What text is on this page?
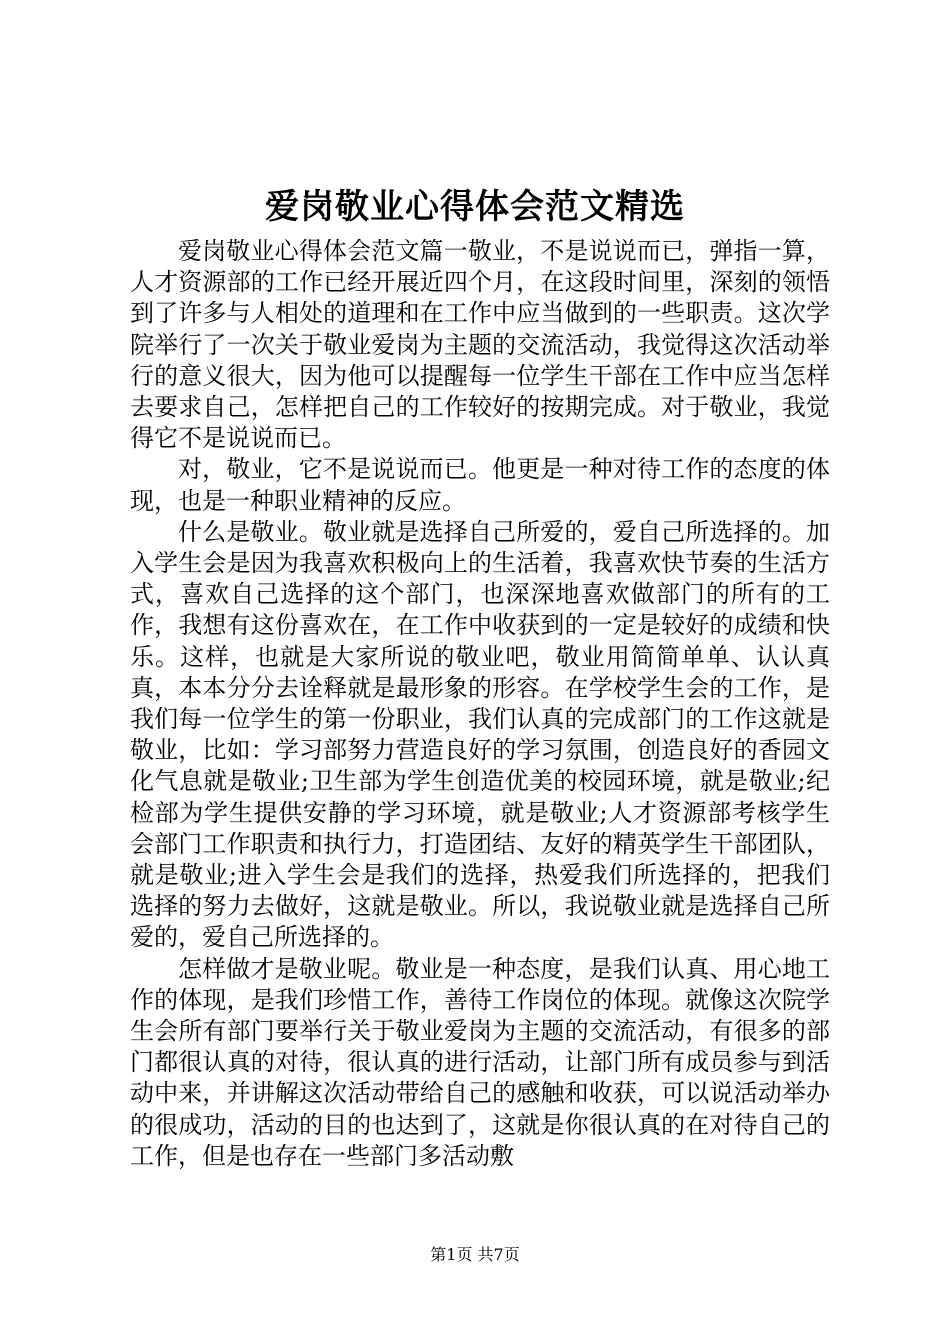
爱岗敬业心得体会范文精选

爱岗敬业心得体会范文篇一敬业，不是说说而已，弹指一算，人才资源部的工作已经开展近四个月，在这段时间里，深刻的领悟到了许多与人相处的道理和在工作中应当做到的一些职责。这次学院举行了一次关于敬业爱岗为主题的交流活动，我觉得这次活动举行的意义很大，因为他可以提醒每一位学生干部在工作中应当怎样去要求自己，怎样把自己的工作较好的按期完成。对于敬业，我觉得它不是说说而已。

对，敬业，它不是说说而已。他更是一种对待工作的态度的体现，也是一种职业精神的反应。

什么是敬业。敬业就是选择自己所爱的，爱自己所选择的。加入学生会是因为我喜欢积极向上的生活着，我喜欢快节奏的生活方式，喜欢自己选择的这个部门，也深深地喜欢做部门的所有的工作，我想有这份喜欢在，在工作中收获到的一定是较好的成绩和快乐。这样，也就是大家所说的敬业吧，敬业用简简单单、认认真真，本本分分去诠释就是最形象的形容。在学校学生会的工作，是我们每一位学生的第一份职业，我们认真的完成部门的工作这就是敬业，比如：学习部努力营造良好的学习氛围，创造良好的香园文化气息就是敬业;卫生部为学生创造优美的校园环境，就是敬业;纪检部为学生提供安静的学习环境，就是敬业;人才资源部考核学生会部门工作职责和执行力，打造团结、友好的精英学生干部团队，就是敬业;进入学生会是我们的选择，热爱我们所选择的，把我们选择的努力去做好，这就是敬业。所以，我说敬业就是选择自己所爱的，爱自己所选择的。

怎样做才是敬业呢。敬业是一种态度，是我们认真、用心地工作的体现，是我们珍惜工作，善待工作岗位的体现。就像这次院学生会所有部门要举行关于敬业爱岗为主题的交流活动，有很多的部门都很认真的对待，很认真的进行活动，让部门所有成员参与到活动中来，并讲解这次活动带给自己的感触和收获，可以说活动举办的很成功，活动的目的也达到了，这就是你很认真的在对待自己的工作，但是也存在一些部门多活动敷

第1页 共7页
